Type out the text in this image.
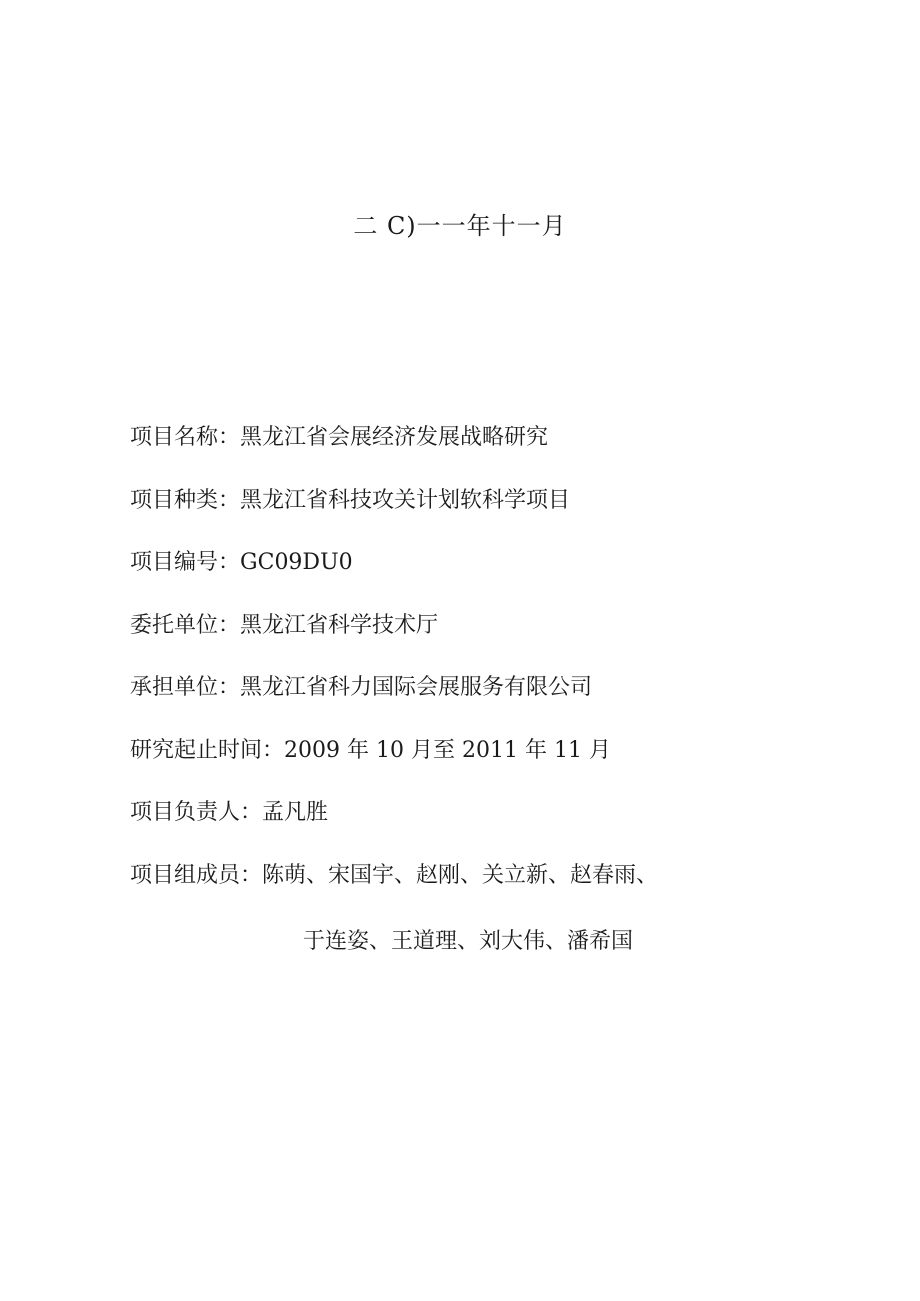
二 C)一一年十一月
项目名称：黑龙江省会展经济发展战略研究
项目种类：黑龙江省科技攻关计划软科学项目
项目编号：GC09DU0
委托单位：黑龙江省科学技术厅
承担单位：黑龙江省科力国际会展服务有限公司
研究起止时间：2009 年 10 月至 2011 年 11 月
项目负责人：孟凡胜
项目组成员：陈萌、宋国宇、赵刚、关立新、赵春雨、
于连姿、王道理、刘大伟、潘希国
